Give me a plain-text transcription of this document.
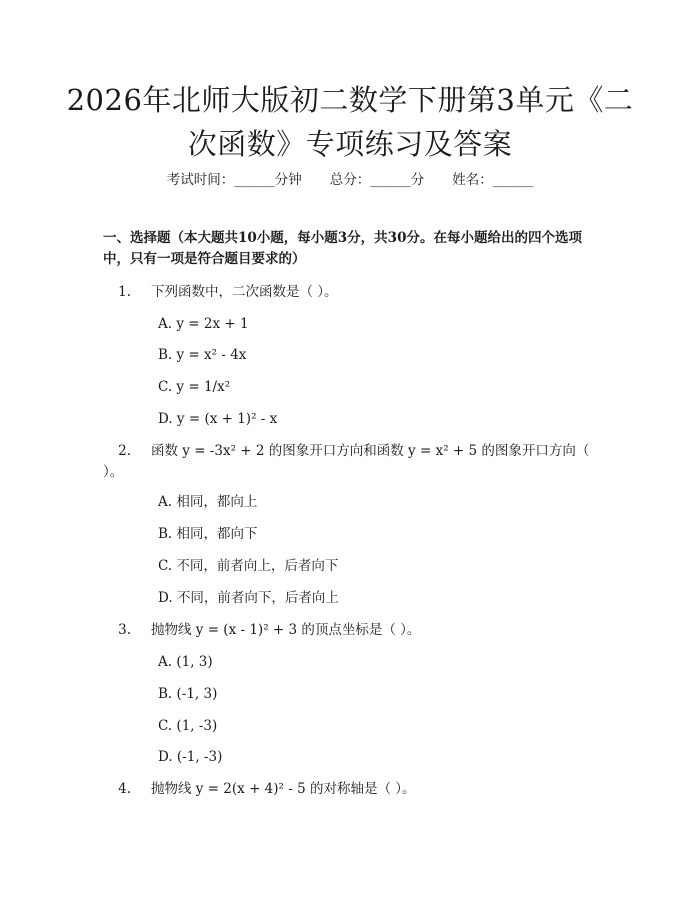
2026年北师大版初二数学下册第3单元《二次函数》专项练习及答案
考试时间：______分钟 总分：______分 姓名：______
一、选择题（本大题共10小题，每小题3分，共30分。在每小题给出的四个选项中，只有一项是符合题目要求的）
1. 下列函数中，二次函数是（ ）。
A. y = 2x + 1
B. y = x² - 4x
C. y = 1/x²
D. y = (x + 1)² - x
2. 函数 y = -3x² + 2 的图象开口方向和函数 y = x² + 5 的图象开口方向（ ）。
A. 相同，都向上
B. 相同，都向下
C. 不同，前者向上，后者向下
D. 不同，前者向下，后者向上
3. 抛物线 y = (x - 1)² + 3 的顶点坐标是（ ）。
A. (1, 3)
B. (-1, 3)
C. (1, -3)
D. (-1, -3)
4. 抛物线 y = 2(x + 4)² - 5 的对称轴是（ ）。
